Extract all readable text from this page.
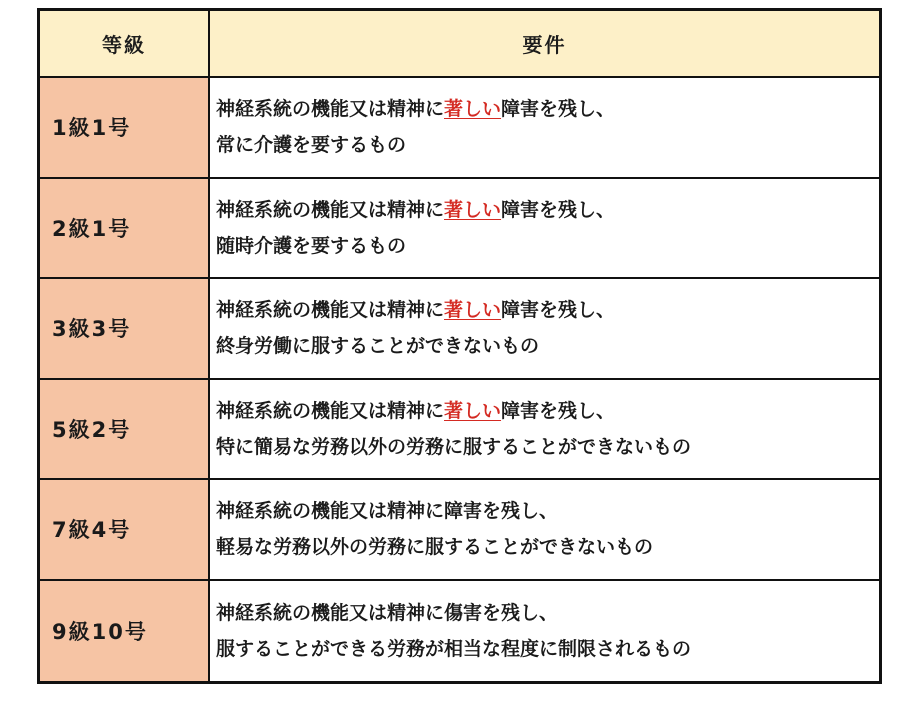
等級	要件
1級1号
神経系統の機能又は精神に著しい障害を残し、
常に介護を要するもの
2級1号
神経系統の機能又は精神に著しい障害を残し、
随時介護を要するもの
3級3号
神経系統の機能又は精神に著しい障害を残し、
終身労働に服することができないもの
5級2号
神経系統の機能又は精神に著しい障害を残し、
特に簡易な労務以外の労務に服することができないもの
7級4号
神経系統の機能又は精神に障害を残し、
軽易な労務以外の労務に服することができないもの
9級10号
神経系統の機能又は精神に傷害を残し、
服することができる労務が相当な程度に制限されるもの
